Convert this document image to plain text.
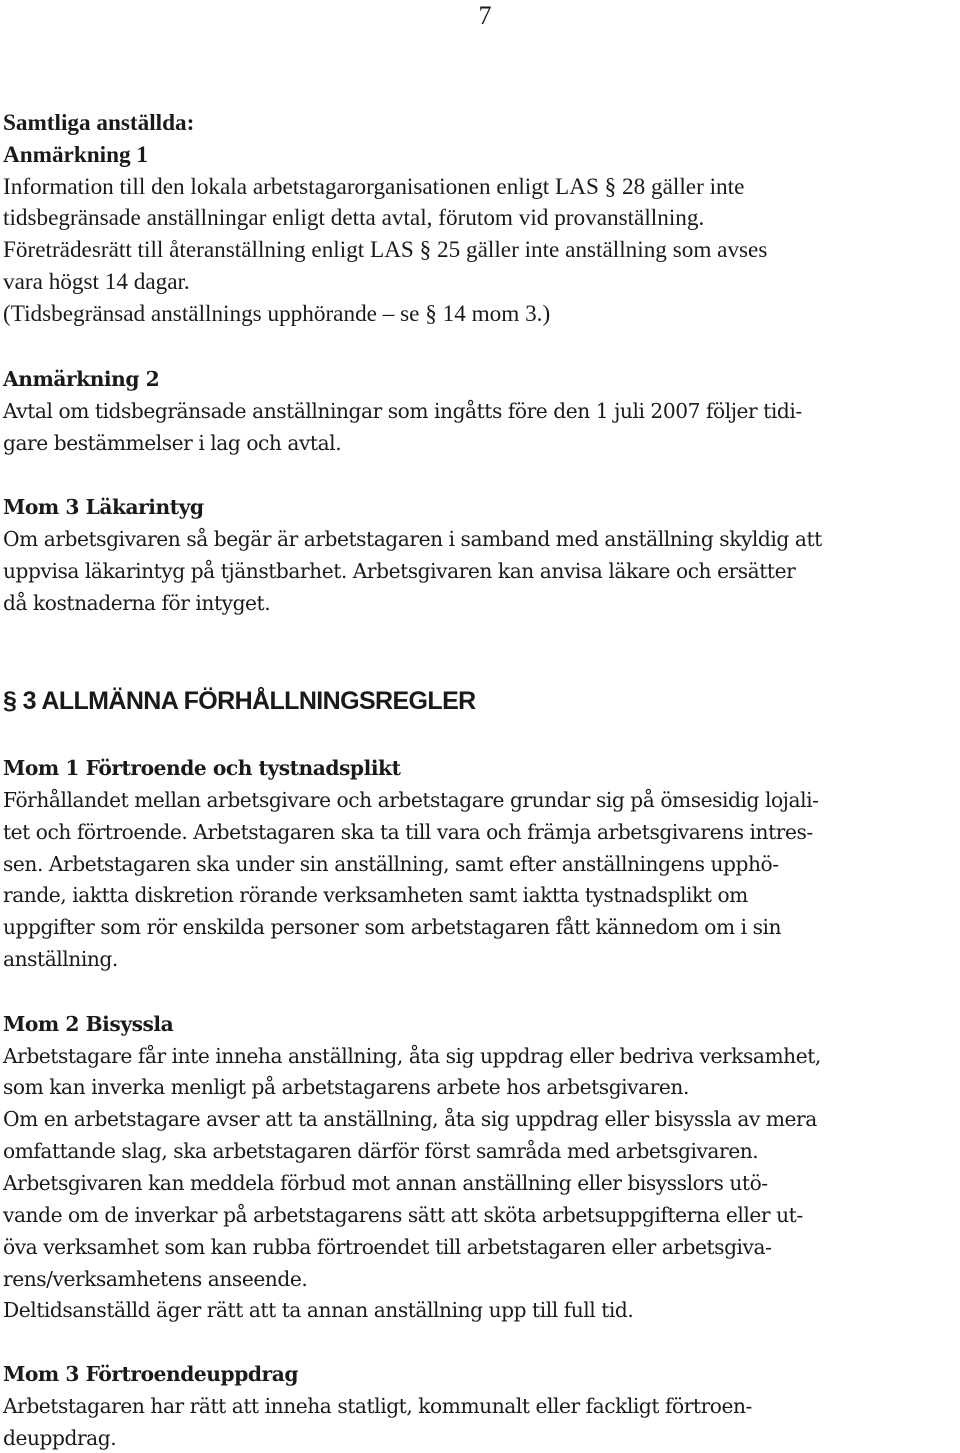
7

Samtliga anställda:

Anmärkning 1

Information till den lokala arbetstagarorganisationen enligt LAS § 28 gäller inte

tidsbegränsade anställningar enligt detta avtal, förutom vid provanställning.

Företrädesrätt till återanställning enligt LAS § 25 gäller inte anställning som avses

vara högst 14 dagar.

(Tidsbegränsad anställnings upphörande – se § 14 mom 3.)

Anmärkning 2

Avtal om tidsbegränsade anställningar som ingåtts före den 1 juli 2007 följer tidi-

gare bestämmelser i lag och avtal.

Mom 3 Läkarintyg

Om arbetsgivaren så begär är arbetstagaren i samband med anställning skyldig att

uppvisa läkarintyg på tjänstbarhet. Arbetsgivaren kan anvisa läkare och ersätter

då kostnaderna för intyget.

§ 3 ALLMÄNNA FÖRHÅLLNINGSREGLER

Mom 1 Förtroende och tystnadsplikt

Förhållandet mellan arbetsgivare och arbetstagare grundar sig på ömsesidig lojali-

tet och förtroende. Arbetstagaren ska ta till vara och främja arbetsgivarens intres-

sen. Arbetstagaren ska under sin anställning, samt efter anställningens upphö-

rande, iaktta diskretion rörande verksamheten samt iaktta tystnadsplikt om

uppgifter som rör enskilda personer som arbetstagaren fått kännedom om i sin

anställning.

Mom 2 Bisyssla

Arbetstagare får inte inneha anställning, åta sig uppdrag eller bedriva verksamhet,

som kan inverka menligt på arbetstagarens arbete hos arbetsgivaren.

Om en arbetstagare avser att ta anställning, åta sig uppdrag eller bisyssla av mera

omfattande slag, ska arbetstagaren därför först samråda med arbetsgivaren.

Arbetsgivaren kan meddela förbud mot annan anställning eller bisysslors utö-

vande om de inverkar på arbetstagarens sätt att sköta arbetsuppgifterna eller ut-

öva verksamhet som kan rubba förtroendet till arbetstagaren eller arbetsgiva-

rens/verksamhetens anseende.

Deltidsanställd äger rätt att ta annan anställning upp till full tid.

Mom 3 Förtroendeuppdrag

Arbetstagaren har rätt att inneha statligt, kommunalt eller fackligt förtroen-

deuppdrag.
